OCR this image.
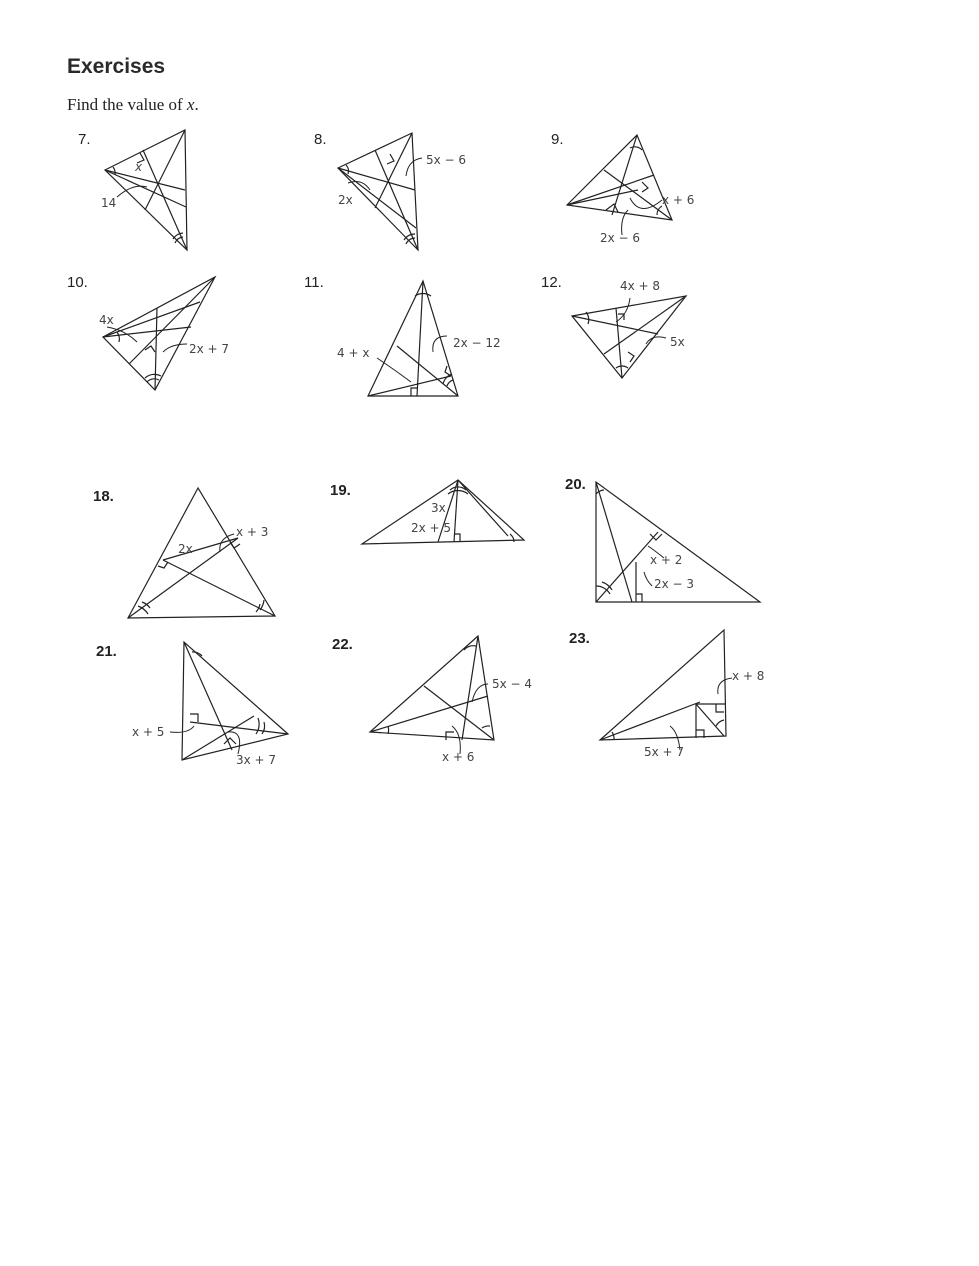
Exercises
Find the value of x.
7.
x
14
8.
5x − 6
2x
9.
x + 6
2x − 6
10.
4x
2x + 7
11.
4 + x
2x − 12
12.	4x + 8
5x
18.
x + 3
2x
19.
3x
2x + 5
20.
x + 2
2x − 3
21.
x + 5
3x + 7
22.
5x − 4
x + 6
23.
x + 8
5x + 7
